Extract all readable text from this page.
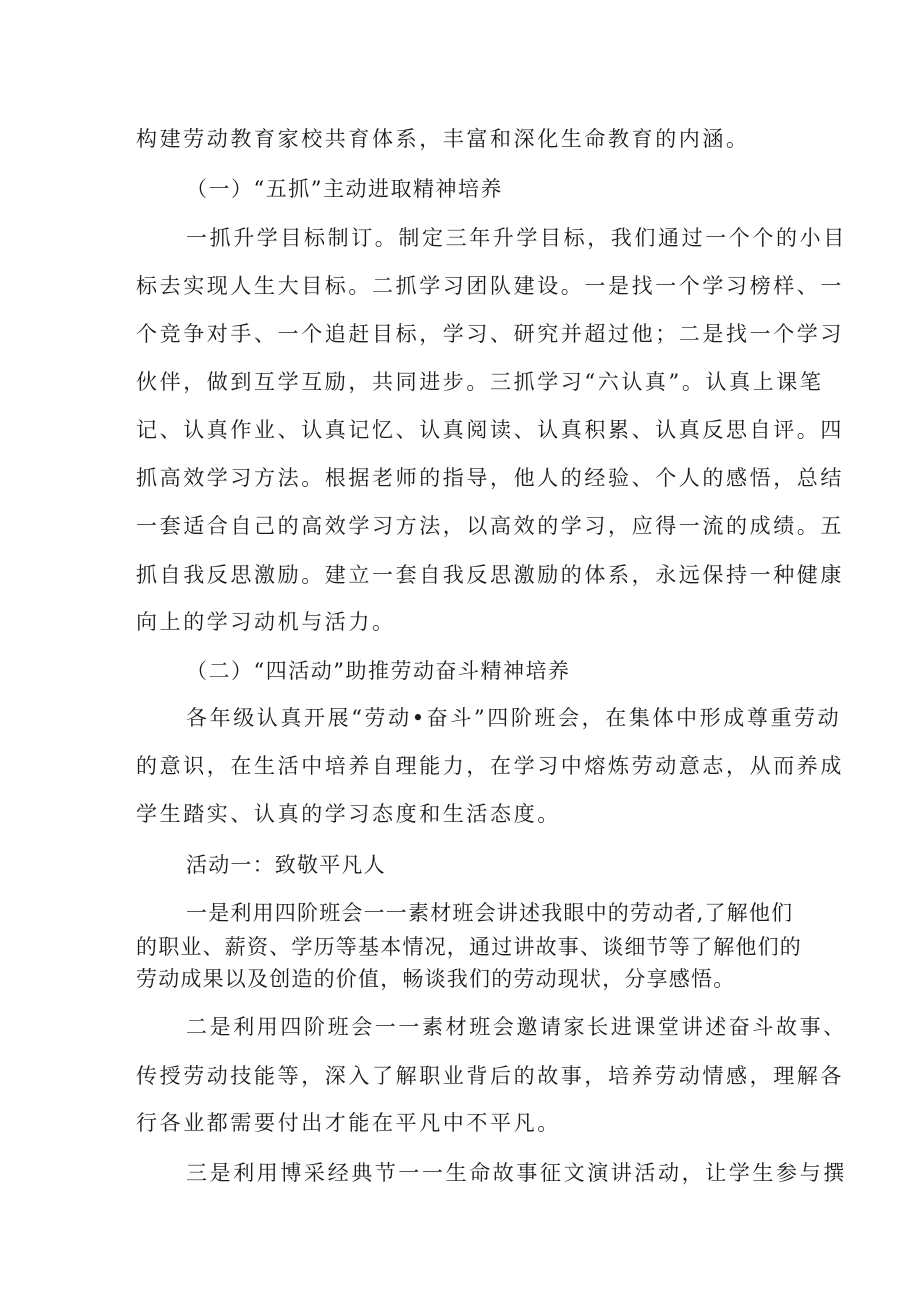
构建劳动教育家校共育体系，丰富和深化生命教育的内涵。
（一）“五抓”主动进取精神培养
一抓升学目标制订。制定三年升学目标，我们通过一个个的小目
标去实现人生大目标。二抓学习团队建设。一是找一个学习榜样、一
个竞争对手、一个追赶目标，学习、研究并超过他；二是找一个学习
伙伴，做到互学互励，共同进步。三抓学习“六认真”。认真上课笔
记、认真作业、认真记忆、认真阅读、认真积累、认真反思自评。四
抓高效学习方法。根据老师的指导，他人的经验、个人的感悟，总结
一套适合自己的高效学习方法，以高效的学习，应得一流的成绩。五
抓自我反思激励。建立一套自我反思激励的体系，永远保持一种健康
向上的学习动机与活力。
（二）“四活动”助推劳动奋斗精神培养
各年级认真开展“劳动•奋斗”四阶班会，在集体中形成尊重劳动
的意识，在生活中培养自理能力，在学习中熔炼劳动意志，从而养成
学生踏实、认真的学习态度和生活态度。
活动一：致敬平凡人
一是利用四阶班会一一素材班会讲述我眼中的劳动者,了解他们
的职业、薪资、学历等基本情况，通过讲故事、谈细节等了解他们的
劳动成果以及创造的价值，畅谈我们的劳动现状，分享感悟。
二是利用四阶班会一一素材班会邀请家长进课堂讲述奋斗故事、
传授劳动技能等，深入了解职业背后的故事，培养劳动情感，理解各
行各业都需要付出才能在平凡中不平凡。
三是利用博采经典节一一生命故事征文演讲活动，让学生参与撰
